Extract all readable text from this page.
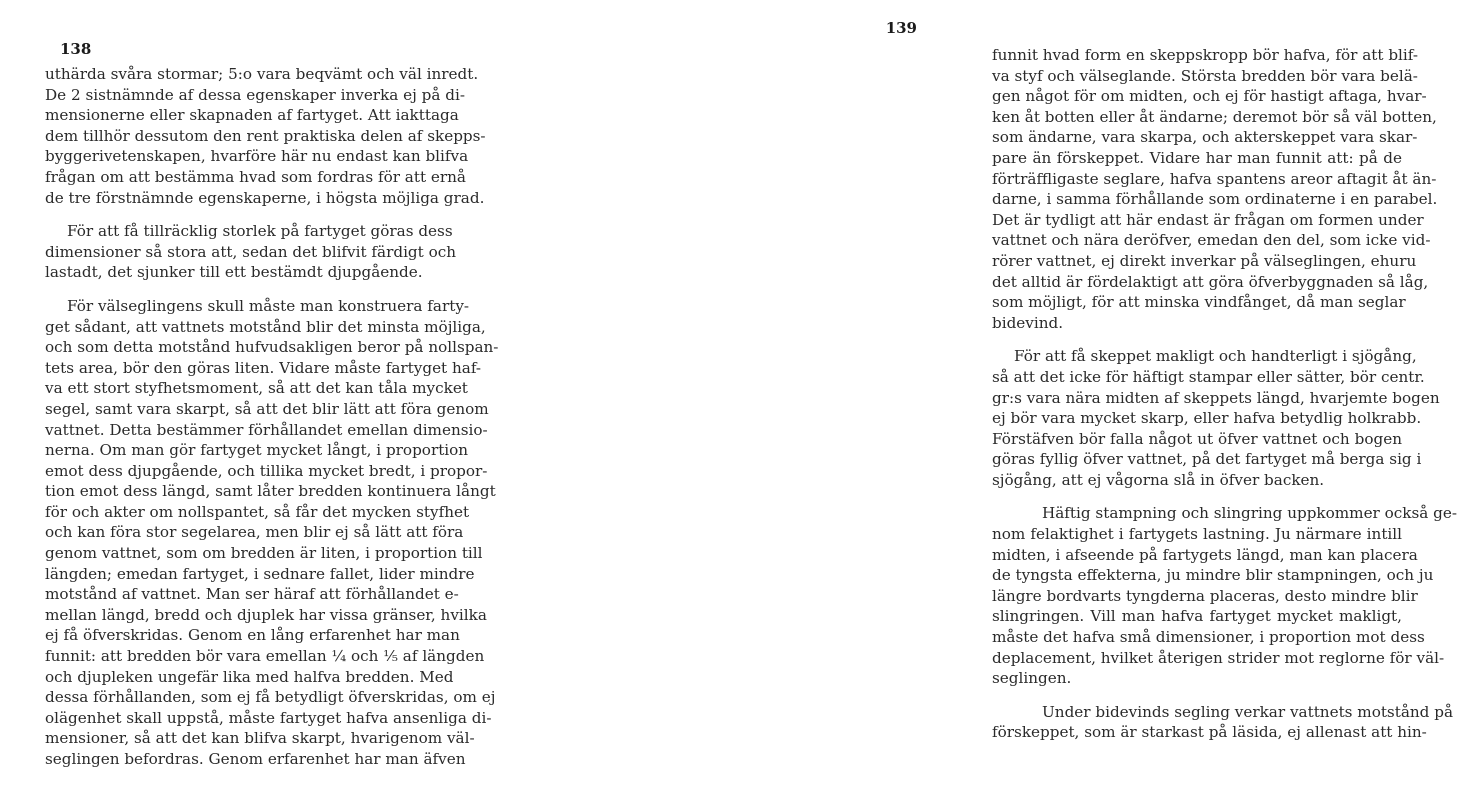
138
uthärda svåra stormar; 5:o vara beqvämt och väl inredt.
De 2 sistnämnde af dessa egenskaper inverka ej på di-
mensionerne eller skapnaden af fartyget. Att iakttaga
dem tillhör dessutom den rent praktiska delen af skepps-
byggerivetenskapen, hvarföre här nu endast kan blifva
frågan om att bestämma hvad som fordras för att ernå
de tre förstnämnde egenskaperne, i högsta möjliga grad.
För att få tillräcklig storlek på fartyget göras dess
dimensioner så stora att, sedan det blifvit färdigt och
lastadt, det sjunker till ett bestämdt djupgående.
För välseglingens skull måste man konstruera farty-
get sådant, att vattnets motstånd blir det minsta möjliga,
och som detta motstånd hufvudsakligen beror på nollspan-
tets area, bör den göras liten. Vidare måste fartyget haf-
va ett stort styfhetsmoment, så att det kan tåla mycket
segel, samt vara skarpt, så att det blir lätt att föra genom
vattnet. Detta bestämmer förhållandet emellan dimensio-
nerna. Om man gör fartyget mycket långt, i proportion
emot dess djupgående, och tillika mycket bredt, i propor-
tion emot dess längd, samt låter bredden kontinuera långt
för och akter om nollspantet, så får det mycken styfhet
och kan föra stor segelarea, men blir ej så lätt att föra
genom vattnet, som om bredden är liten, i proportion till
längden; emedan fartyget, i sednare fallet, lider mindre
motstånd af vattnet. Man ser häraf att förhållandet e-
mellan längd, bredd och djuplek har vissa gränser, hvilka
ej få öfverskridas. Genom en lång erfarenhet har man
funnit: att bredden bör vara emellan ¼ och ⅕ af längden
och djupleken ungefär lika med halfva bredden. Med
dessa förhållanden, som ej få betydligt öfverskridas, om ej
olägenhet skall uppstå, måste fartyget hafva ansenliga di-
mensioner, så att det kan blifva skarpt, hvarigenom väl-
seglingen befordras. Genom erfarenhet har man äfven
139
funnit hvad form en skeppskropp bör hafva, för att blif-
va styf och välseglande. Största bredden bör vara belä-
gen något för om midten, och ej för hastigt aftaga, hvar-
ken åt botten eller åt ändarne; deremot bör så väl botten,
som ändarne, vara skarpa, och akterskeppet vara skar-
pare än förskeppet. Vidare har man funnit att: på de
förträffligaste seglare, hafva spantens areor aftagit åt än-
darne, i samma förhållande som ordinaterne i en parabel.
Det är tydligt att här endast är frågan om formen under
vattnet och nära deröfver, emedan den del, som icke vid-
rörer vattnet, ej direkt inverkar på välseglingen, ehuru
det alltid är fördelaktigt att göra öfverbyggnaden så låg,
som möjligt, för att minska vindfånget, då man seglar
bidevind.
För att få skeppet makligt och handterligt i sjögång,
så att det icke för häftigt stampar eller sätter, bör centr.
gr:s vara nära midten af skeppets längd, hvarjemte bogen
ej bör vara mycket skarp, eller hafva betydlig holkrabb.
Förstäfven bör falla något ut öfver vattnet och bogen
göras fyllig öfver vattnet, på det fartyget må berga sig i
sjögång, att ej vågorna slå in öfver backen.
Häftig stampning och slingring uppkommer också ge-
nom felaktighet i fartygets lastning. Ju närmare intill
midten, i afseende på fartygets längd, man kan placera
de tyngsta effekterna, ju mindre blir stampningen, och ju
längre bordvarts tyngderna placeras, desto mindre blir
slingringen. Vill man hafva fartyget mycket makligt,
måste det hafva små dimensioner, i proportion mot dess
deplacement, hvilket återigen strider mot reglorne för väl-
seglingen.
Under bidevinds segling verkar vattnets motstånd på
förskeppet, som är starkast på läsida, ej allenast att hin-
